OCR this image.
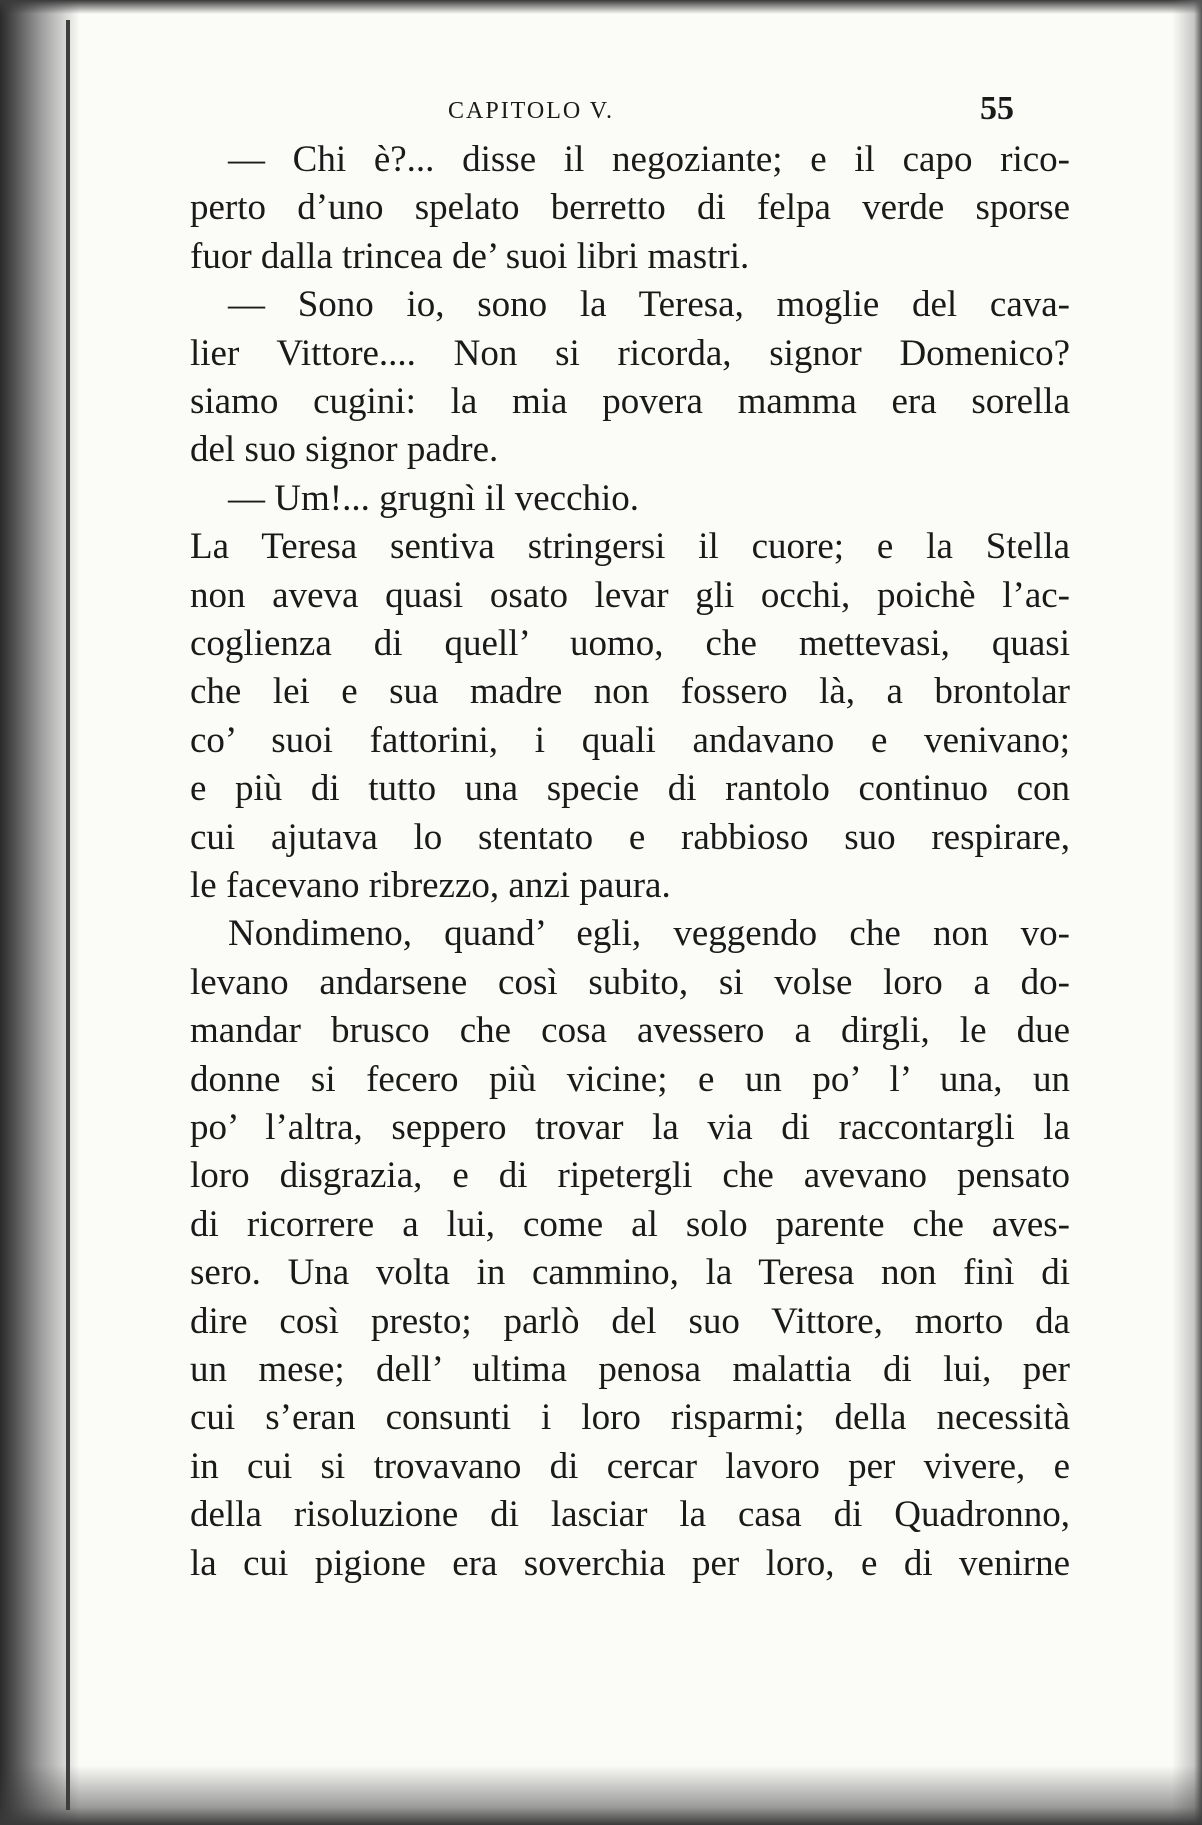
CAPITOLO V.	55
— Chi è?... disse il negoziante; e il capo rico-
perto d’uno spelato berretto di felpa verde sporse
fuor dalla trincea de’ suoi libri mastri.
— Sono io, sono la Teresa, moglie del cava-
lier Vittore.... Non si ricorda, signor Domenico?
siamo cugini: la mia povera mamma era sorella
del suo signor padre.
— Um!... grugnì il vecchio.
La Teresa sentiva stringersi il cuore; e la Stella
non aveva quasi osato levar gli occhi, poichè l’ac-
coglienza di quell’ uomo, che mettevasi, quasi
che lei e sua madre non fossero là, a brontolar
co’ suoi fattorini, i quali andavano e venivano;
e più di tutto una specie di rantolo continuo con
cui ajutava lo stentato e rabbioso suo respirare,
le facevano ribrezzo, anzi paura.
Nondimeno, quand’ egli, veggendo che non vo-
levano andarsene così subito, si volse loro a do-
mandar brusco che cosa avessero a dirgli, le due
donne si fecero più vicine; e un po’ l’ una, un
po’ l’altra, seppero trovar la via di raccontargli la
loro disgrazia, e di ripetergli che avevano pensato
di ricorrere a lui, come al solo parente che aves-
sero. Una volta in cammino, la Teresa non finì di
dire così presto; parlò del suo Vittore, morto da
un mese; dell’ ultima penosa malattia di lui, per
cui s’eran consunti i loro risparmi; della necessità
in cui si trovavano di cercar lavoro per vivere, e
della risoluzione di lasciar la casa di Quadronno,
la cui pigione era soverchia per loro, e di venirne
